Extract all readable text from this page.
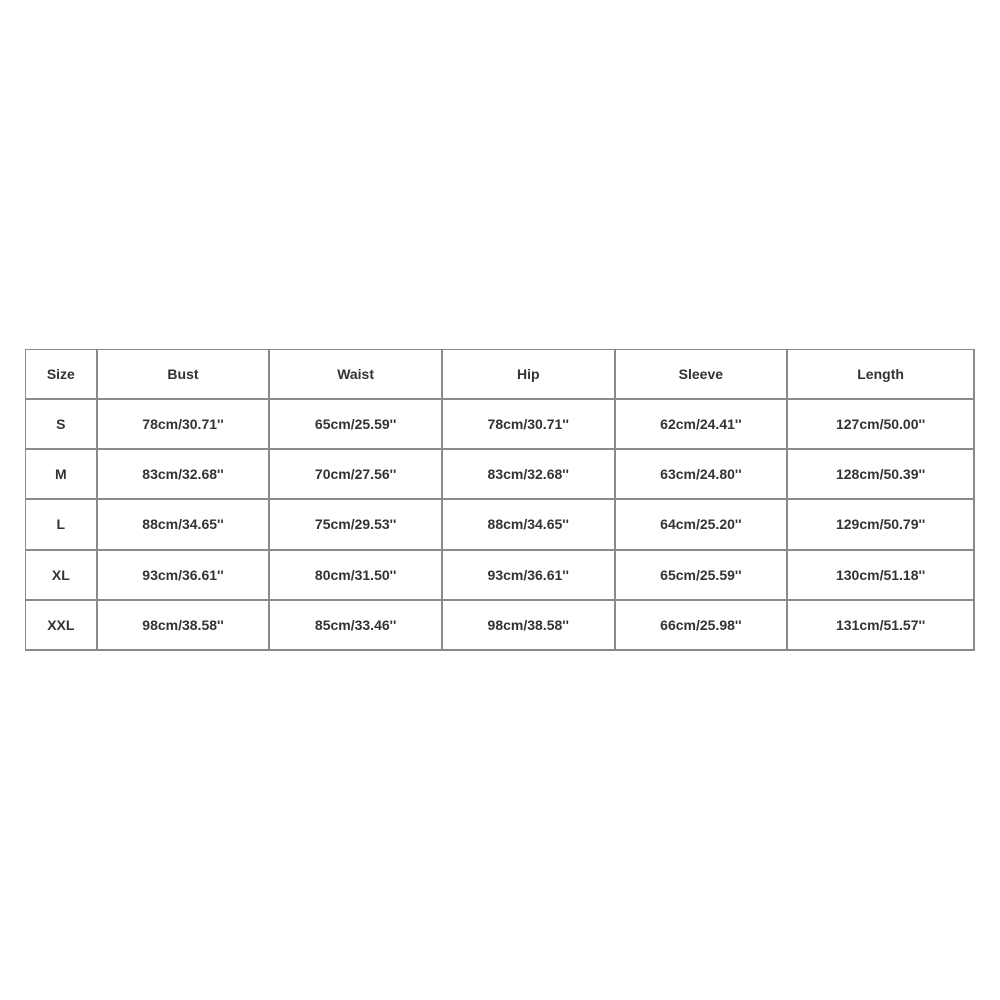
Size	Bust	Waist	Hip	Sleeve	Length
S	78cm/30.71''	65cm/25.59''	78cm/30.71''	62cm/24.41''	127cm/50.00''
M	83cm/32.68''	70cm/27.56''	83cm/32.68''	63cm/24.80''	128cm/50.39''
L	88cm/34.65''	75cm/29.53''	88cm/34.65''	64cm/25.20''	129cm/50.79''
XL	93cm/36.61''	80cm/31.50''	93cm/36.61''	65cm/25.59''	130cm/51.18''
XXL	98cm/38.58''	85cm/33.46''	98cm/38.58''	66cm/25.98''	131cm/51.57''
